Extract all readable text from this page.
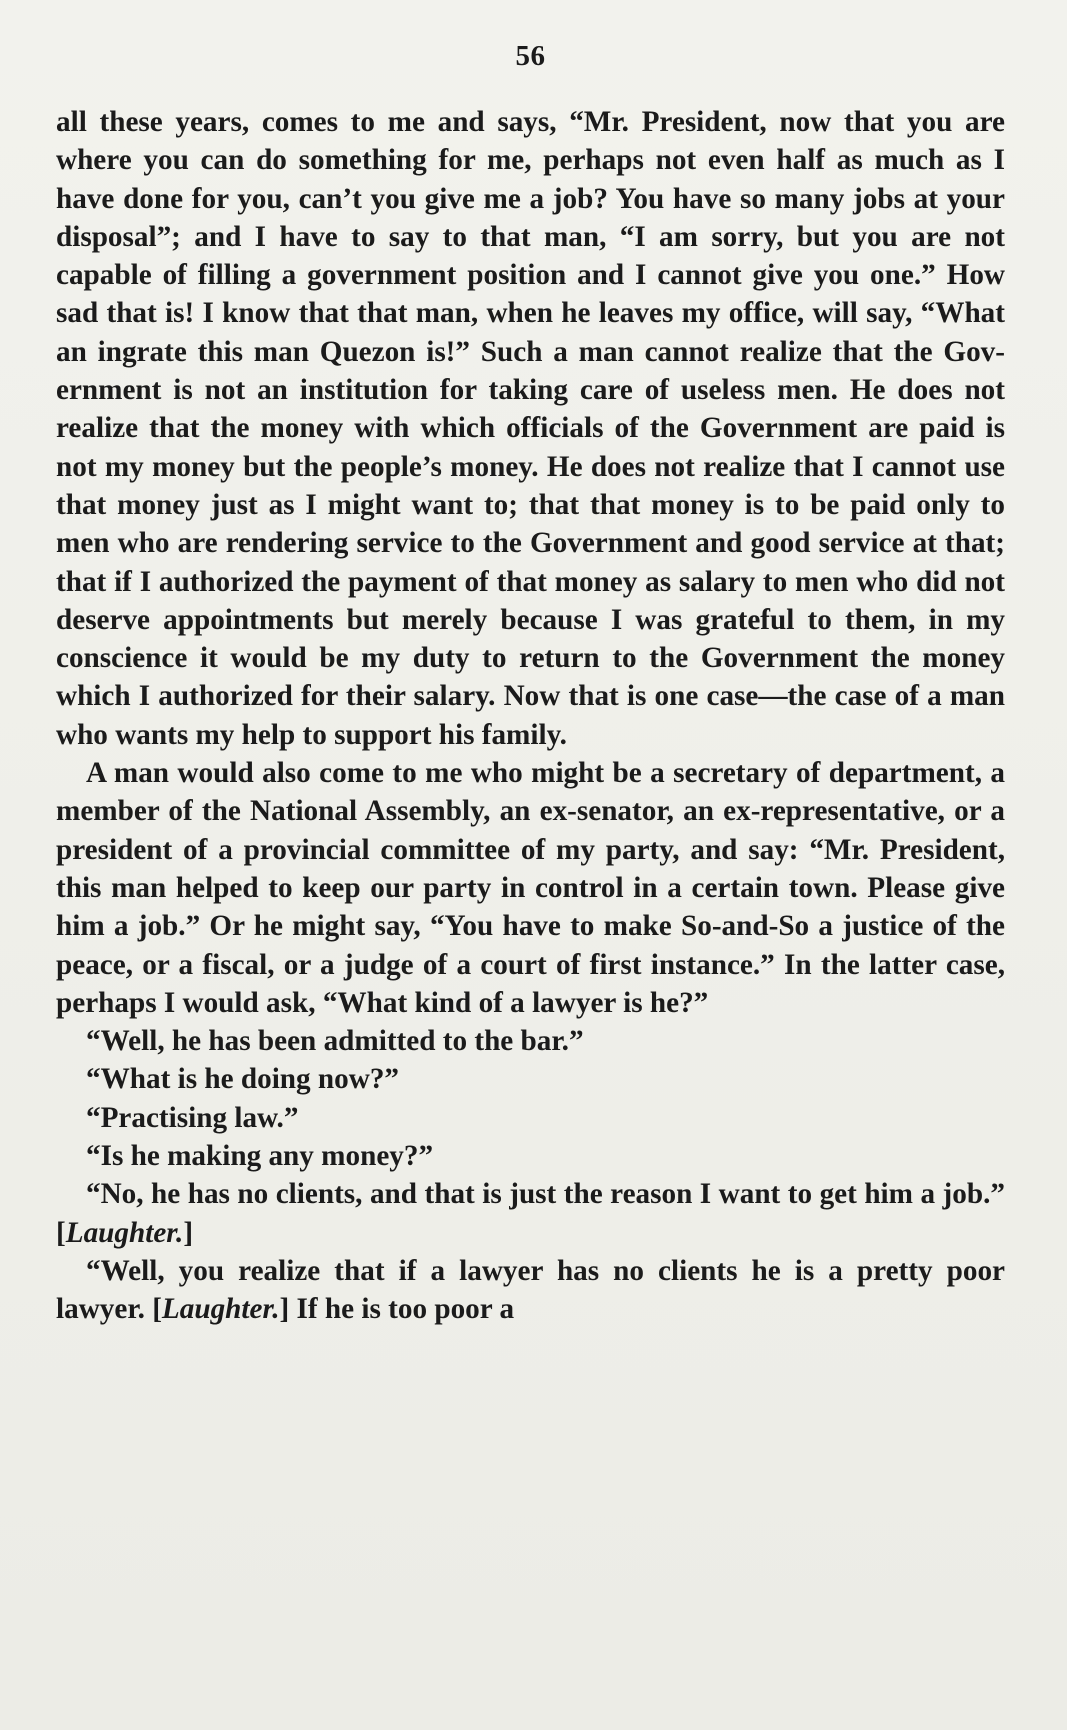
56

all these years, comes to me and says, “Mr. President, now that you are where you can do something for me, perhaps not even half as much as I have done for you, can’t you give me a job? You have so many jobs at your disposal”; and I have to say to that man, “I am sorry, but you are not capable of filling a government position and I cannot give you one.” How sad that is! I know that that man, when he leaves my office, will say, “What an ingrate this man Quezon is!” Such a man cannot realize that the Government is not an institution for taking care of useless men. He does not realize that the money with which officials of the Government are paid is not my money but the people’s money. He does not realize that I cannot use that money just as I might want to; that that money is to be paid only to men who are rendering service to the Government and good service at that; that if I authorized the payment of that money as salary to men who did not deserve appointments but merely because I was grateful to them, in my conscience it would be my duty to return to the Government the money which I authorized for their salary. Now that is one case—the case of a man who wants my help to support his family.

A man would also come to me who might be a secretary of department, a member of the National Assembly, an ex-senator, an ex-representative, or a president of a provincial committee of my party, and say: “Mr. President, this man helped to keep our party in control in a certain town. Please give him a job.” Or he might say, “You have to make So-and-So a justice of the peace, or a fiscal, or a judge of a court of first instance.” In the latter case, perhaps I would ask, “What kind of a lawyer is he?”

“Well, he has been admitted to the bar.”

“What is he doing now?”

“Practising law.”

“Is he making any money?”

“No, he has no clients, and that is just the reason I want to get him a job.” [Laughter.]

“Well, you realize that if a lawyer has no clients he is a pretty poor lawyer. [Laughter.] If he is too poor a
